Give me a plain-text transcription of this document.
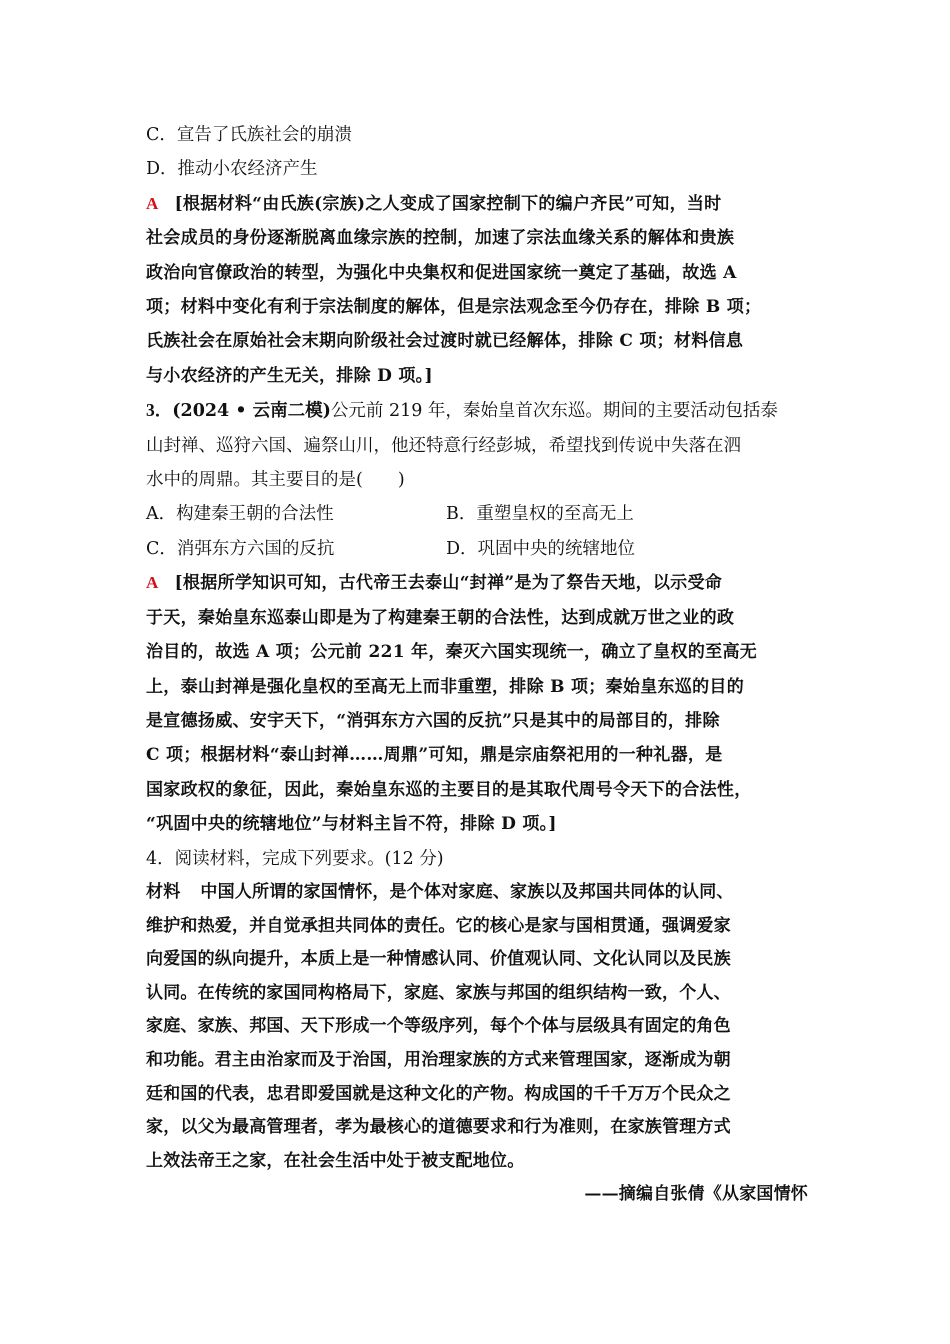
C．宣告了氏族社会的崩溃
D．推动小农经济产生
A [根据材料“由氏族(宗族)之人变成了国家控制下的编户齐民”可知，当时
社会成员的身份逐渐脱离血缘宗族的控制，加速了宗法血缘关系的解体和贵族
政治向官僚政治的转型，为强化中央集权和促进国家统一奠定了基础，故选 A
项；材料中变化有利于宗法制度的解体，但是宗法观念至今仍存在，排除 B 项；
氏族社会在原始社会末期向阶级社会过渡时就已经解体，排除 C 项；材料信息
与小农经济的产生无关，排除 D 项。]
3．(2024 • 云南二模)公元前 219 年，秦始皇首次东巡。期间的主要活动包括泰
山封禅、巡狩六国、遍祭山川，他还特意行经彭城，希望找到传说中失落在泗
水中的周鼎。其主要目的是(　　)
A．构建秦王朝的合法性	B．重塑皇权的至高无上
C．消弭东方六国的反抗	D．巩固中央的统辖地位
A [根据所学知识可知，古代帝王去泰山“封禅”是为了祭告天地，以示受命
于天，秦始皇东巡泰山即是为了构建秦王朝的合法性，达到成就万世之业的政
治目的，故选 A 项；公元前 221 年，秦灭六国实现统一，确立了皇权的至高无
上，泰山封禅是强化皇权的至高无上而非重塑，排除 B 项；秦始皇东巡的目的
是宣德扬威、安宇天下，“消弭东方六国的反抗”只是其中的局部目的，排除
C 项；根据材料“泰山封禅……周鼎”可知，鼎是宗庙祭祀用的一种礼器，是
国家政权的象征，因此，秦始皇东巡的主要目的是其取代周号令天下的合法性，
“巩固中央的统辖地位”与材料主旨不符，排除 D 项。]
4．阅读材料，完成下列要求。(12 分)
材料 中国人所谓的家国情怀，是个体对家庭、家族以及邦国共同体的认同、
维护和热爱，并自觉承担共同体的责任。它的核心是家与国相贯通，强调爱家
向爱国的纵向提升，本质上是一种情感认同、价值观认同、文化认同以及民族
认同。在传统的家国同构格局下，家庭、家族与邦国的组织结构一致，个人、
家庭、家族、邦国、天下形成一个等级序列，每个个体与层级具有固定的角色
和功能。君主由治家而及于治国，用治理家族的方式来管理国家，逐渐成为朝
廷和国的代表，忠君即爱国就是这种文化的产物。构成国的千千万万个民众之
家，以父为最高管理者，孝为最核心的道德要求和行为准则，在家族管理方式
上效法帝王之家，在社会生活中处于被支配地位。
——摘编自张倩《从家国情怀
